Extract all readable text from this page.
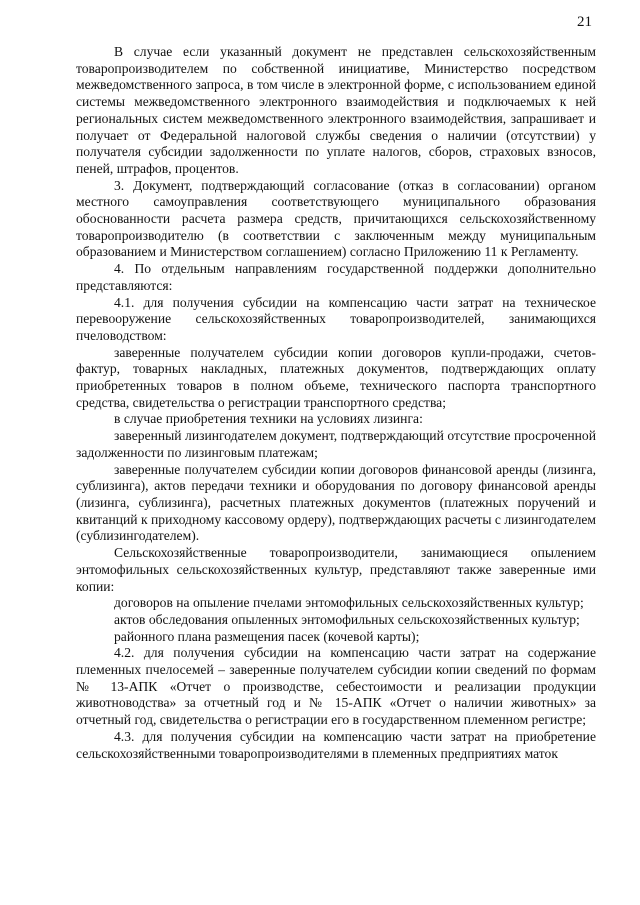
21

В случае если указанный документ не представлен сельскохозяйственным товаропроизводителем по собственной инициативе, Министерство посредством межведомственного запроса, в том числе в электронной форме, с использованием единой системы межведомственного электронного взаимодействия и подключаемых к ней региональных систем межведомственного электронного взаимодействия, запрашивает и получает от Федеральной налоговой службы сведения о наличии (отсутствии) у получателя субсидии задолженности по уплате налогов, сборов, страховых взносов, пеней, штрафов, процентов.

3. Документ, подтверждающий согласование (отказ в согласовании) органом местного самоуправления соответствующего муниципального образования обоснованности расчета размера средств, причитающихся сельскохозяйственному товаропроизводителю (в соответствии с заключенным между муниципальным образованием и Министерством соглашением) согласно Приложению 11 к Регламенту.

4. По отдельным направлениям государственной поддержки дополнительно представляются:

4.1. для получения субсидии на компенсацию части затрат на техническое перевооружение сельскохозяйственных товаропроизводителей, занимающихся пчеловодством:

заверенные получателем субсидии копии договоров купли-продажи, счетов-фактур, товарных накладных, платежных документов, подтверждающих оплату приобретенных товаров в полном объеме, технического паспорта транспортного средства, свидетельства о регистрации транспортного средства;

в случае приобретения техники на условиях лизинга:

заверенный лизингодателем документ, подтверждающий отсутствие просроченной задолженности по лизинговым платежам;

заверенные получателем субсидии копии договоров финансовой аренды (лизинга, сублизинга), актов передачи техники и оборудования по договору финансовой аренды (лизинга, сублизинга), расчетных платежных документов (платежных поручений и квитанций к приходному кассовому ордеру), подтверждающих расчеты с лизингодателем (сублизингодателем).

Сельскохозяйственные товаропроизводители, занимающиеся опылением энтомофильных сельскохозяйственных культур, представляют также заверенные ими копии:

договоров на опыление пчелами энтомофильных сельскохозяйственных культур;

актов обследования опыленных энтомофильных сельскохозяйственных культур;

районного плана размещения пасек (кочевой карты);

4.2. для получения субсидии на компенсацию части затрат на содержание племенных пчелосемей – заверенные получателем субсидии копии сведений по формам № 13-АПК «Отчет о производстве, себестоимости и реализации продукции животноводства» за отчетный год и № 15-АПК «Отчет о наличии животных» за отчетный год, свидетельства о регистрации его в государственном племенном регистре;

4.3. для получения субсидии на компенсацию части затрат на приобретение сельскохозяйственными товаропроизводителями в племенных предприятиях маток
